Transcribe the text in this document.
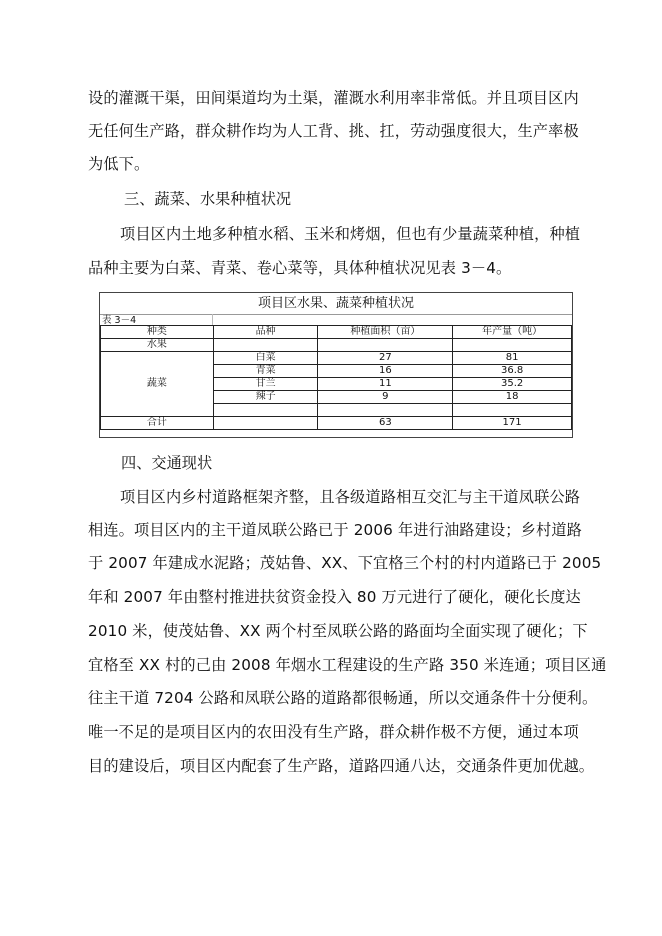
设的灌溉干渠，田间渠道均为土渠，灌溉水利用率非常低。并且项目区内
无任何生产路，群众耕作均为人工背、挑、扛，劳动强度很大，生产率极
为低下。
三、蔬菜、水果种植状况
项目区内土地多种植水稻、玉米和烤烟，但也有少量蔬菜种植，种植
品种主要为白菜、青菜、卷心菜等，具体种植状况见表 3－4。
项目区水果、蔬菜种植状况
表 3－4
种类	品种	种植面积（亩）	年产量（吨）
水果			
蔬菜	白菜	27	81
	青菜	16	36.8
	甘兰	11	35.2
	辣子	9	18

合计		63	171
四、交通现状
项目区内乡村道路框架齐整，且各级道路相互交汇与主干道凤联公路
相连。项目区内的主干道凤联公路已于 2006 年进行油路建设；乡村道路
于 2007 年建成水泥路；茂姑鲁、XX、下宜格三个村的村内道路已于 2005
年和 2007 年由整村推进扶贫资金投入 80 万元进行了硬化，硬化长度达
2010 米，使茂姑鲁、XX 两个村至凤联公路的路面均全面实现了硬化；下
宜格至 XX 村的己由 2008 年烟水工程建设的生产路 350 米连通；项目区通
往主干道 7204 公路和凤联公路的道路都很畅通，所以交通条件十分便利。
唯一不足的是项目区内的农田没有生产路，群众耕作极不方便，通过本项
目的建设后，项目区内配套了生产路，道路四通八达，交通条件更加优越。
